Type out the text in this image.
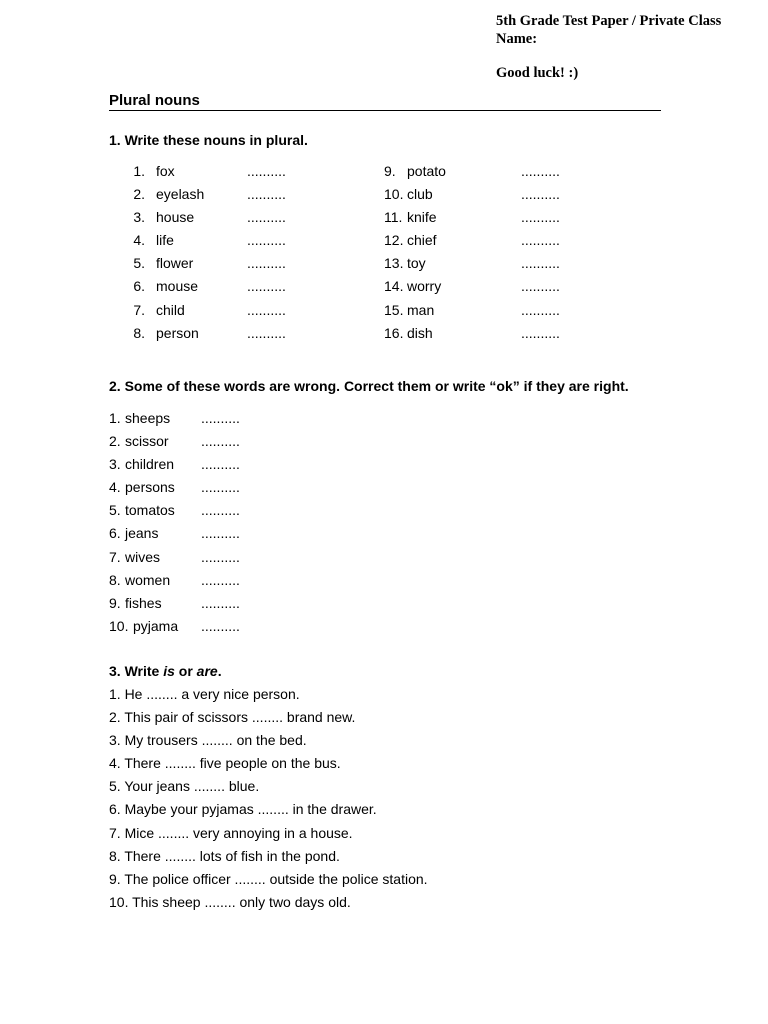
5th Grade Test Paper / Private Class
Name:
Good luck! :)
Plural nouns
1. Write these nouns in plural.
1. fox	..........
2. eyelash	..........
3. house	..........
4. life	..........
5. flower	..........
6. mouse	..........
7. child	..........
8. person	..........
9. potato	..........
10. club	..........
11. knife	..........
12. chief	..........
13. toy	..........
14. worry	..........
15. man	..........
16. dish	..........
2. Some of these words are wrong. Correct them or write “ok” if they are right.
1. sheeps ..........
2. scissor ..........
3. children ..........
4. persons ..........
5. tomatos ..........
6. jeans	..........
7. wives	..........
8. women ..........
9. fishes	..........
10. pyjama ..........
3. Write is or are.
1. He ........ a very nice person.
2. This pair of scissors ........ brand new.
3. My trousers ........ on the bed.
4. There ........ five people on the bus.
5. Your jeans ........ blue.
6. Maybe your pyjamas ........ in the drawer.
7. Mice ........ very annoying in a house.
8. There ........ lots of fish in the pond.
9. The police officer ........ outside the police station.
10. This sheep ........ only two days old.
